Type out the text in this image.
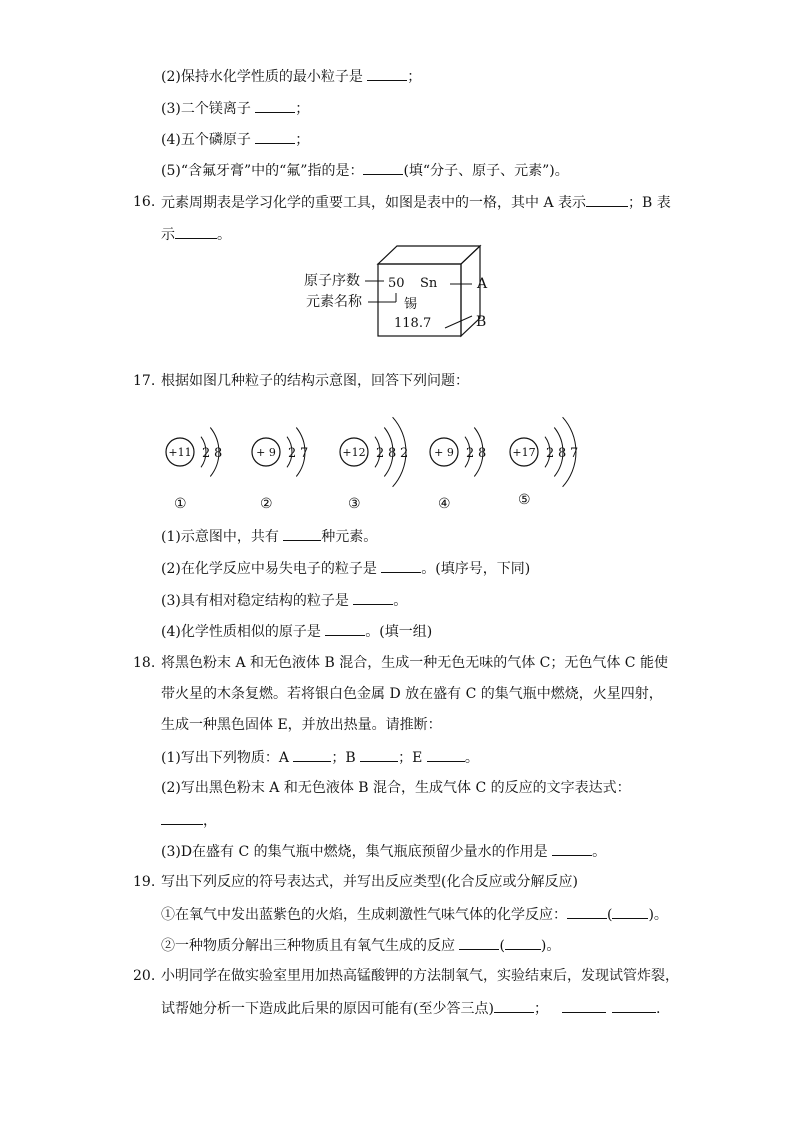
(2)保持水化学性质的最小粒子是	；
(3)二个镁离子	；
(4)五个磷原子	；
(5)“含氟牙膏”中的“氟”指的是：	(填“分子、原子、元素”)。
16. 元素周期表是学习化学的重要工具，如图是表中的一格，其中 A 表示	；B 表
示	。
原子序数
元素名称
50 Sn
锡
118.7
A
B
17. 根据如图几种粒子的结构示意图，回答下列问题：
+11 2 8
①
+ 9 2 7
②
+12 2 8 2
③
+ 9 2 8
④
+17 2 8 7
⑤
(1)示意图中，共有	种元素。
(2)在化学反应中易失电子的粒子是	。(填序号，下同)
(3)具有相对稳定结构的粒子是	。
(4)化学性质相似的原子是	。(填一组)
18. 将黑色粉末 A 和无色液体 B 混合，生成一种无色无味的气体 C；无色气体 C 能使
带火星的木条复燃。若将银白色金属 D 放在盛有 C 的集气瓶中燃烧，火星四射，
生成一种黑色固体 E，并放出热量。请推断：
(1)写出下列物质：A	；B	；E	。
(2)写出黑色粉末 A 和无色液体 B 混合，生成气体 C 的反应的文字表达式：
，
(3)D在盛有 C 的集气瓶中燃烧，集气瓶底预留少量水的作用是	。
19. 写出下列反应的符号表达式，并写出反应类型(化合反应或分解反应)
①在氧气中发出蓝紫色的火焰，生成刺激性气味气体的化学反应：	(	)。
②一种物质分解出三种物质且有氧气生成的反应	(	)。
20. 小明同学在做实验室里用加热高锰酸钾的方法制氧气，实验结束后，发现试管炸裂，
试帮她分析一下造成此后果的原因可能有(至少答三点)	；	.
